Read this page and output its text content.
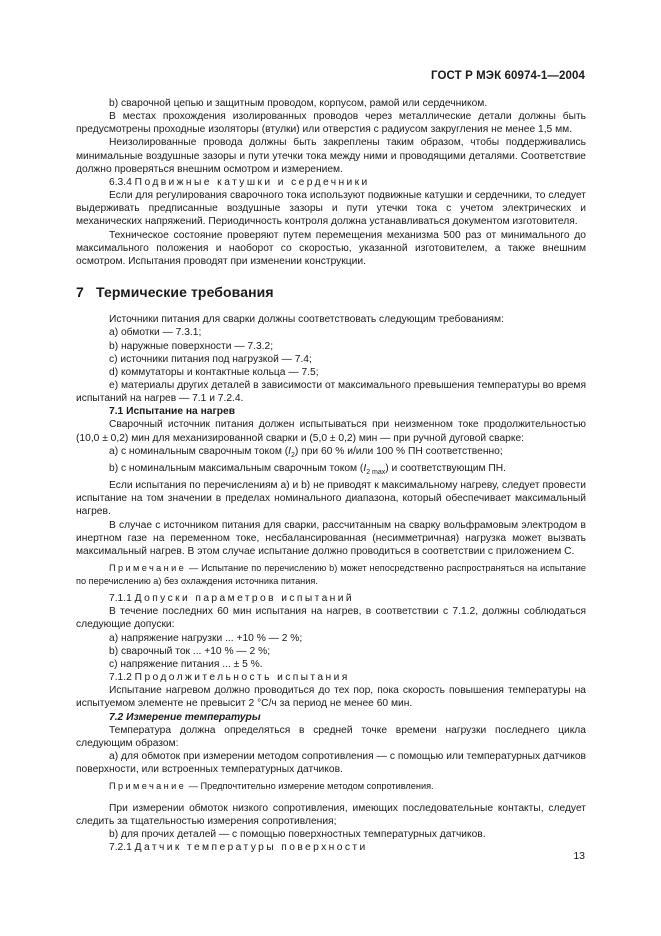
ГОСТ Р МЭК 60974-1—2004

b) сварочной цепью и защитным проводом, корпусом, рамой или сердечником.

В местах прохождения изолированных проводов через металлические детали должны быть предусмотрены проходные изоляторы (втулки) или отверстия с радиусом закругления не менее 1,5 мм.

Неизолированные провода должны быть закреплены таким образом, чтобы поддерживались минимальные воздушные зазоры и пути утечки тока между ними и проводящими деталями. Соответствие должно проверяться внешним осмотром и измерением.

6.3.4 Подвижные катушки и сердечники

Если для регулирования сварочного тока используют подвижные катушки и сердечники, то следует выдерживать предписанные воздушные зазоры и пути утечки тока с учетом электрических и механических напряжений. Периодичность контроля должна устанавливаться документом изготовителя.

Техническое состояние проверяют путем перемещения механизма 500 раз от минимального до максимального положения и наоборот со скоростью, указанной изготовителем, а также внешним осмотром. Испытания проводят при изменении конструкции.

7 Термические требования

Источники питания для сварки должны соответствовать следующим требованиям:

а) обмотки — 7.3.1;

b) наружные поверхности — 7.3.2;

с) источники питания под нагрузкой — 7.4;

d) коммутаторы и контактные кольца — 7.5;

е) материалы других деталей в зависимости от максимального превышения температуры во время испытаний на нагрев — 7.1 и 7.2.4.

7.1 Испытание на нагрев

Сварочный источник питания должен испытываться при неизменном токе продолжительностью (10,0 ± 0,2) мин для механизированной сварки и (5,0 ± 0,2) мин — при ручной дуговой сварке:

а) с номинальным сварочным током $(I_2)$ при 60 % и/или 100 % ПН соответственно;

b) с номинальным максимальным сварочным током $(I_{2 max})$ и соответствующим ПН.

Если испытания по перечислениям а) и b) не приводят к максимальному нагреву, следует провести испытание на том значении в пределах номинального диапазона, который обеспечивает максимальный нагрев.

В случае с источником питания для сварки, рассчитанным на сварку вольфрамовым электродом в инертном газе на переменном токе, несбалансированная (несимметричная) нагрузка может вызвать максимальный нагрев. В этом случае испытание должно проводиться в соответствии с приложением С.

Примечание — Испытание по перечислению b) может непосредственно распространяться на испытание по перечислению а) без охлаждения источника питания.

7.1.1 Допуски параметров испытаний

В течение последних 60 мин испытания на нагрев, в соответствии с 7.1.2, должны соблюдаться следующие допуски:

а) напряжение нагрузки ... +10 % — 2 %;

b) сварочный ток ... +10 % — 2 %;

с) напряжение питания ... ± 5 %.

7.1.2 Продолжительность испытания

Испытание нагревом должно проводиться до тех пор, пока скорость повышения температуры на испытуемом элементе не превысит 2 °С/ч за период не менее 60 мин.

7.2 Измерение температуры

Температура должна определяться в средней точке времени нагрузки последнего цикла следующим образом:

а) для обмоток при измерении методом сопротивления — с помощью или температурных датчиков поверхности, или встроенных температурных датчиков.

Примечание — Предпочтительно измерение методом сопротивления.

При измерении обмоток низкого сопротивления, имеющих последовательные контакты, следует следить за тщательностью измерения сопротивления;

b) для прочих деталей — с помощью поверхностных температурных датчиков.

7.2.1 Датчик температуры поверхности

13
